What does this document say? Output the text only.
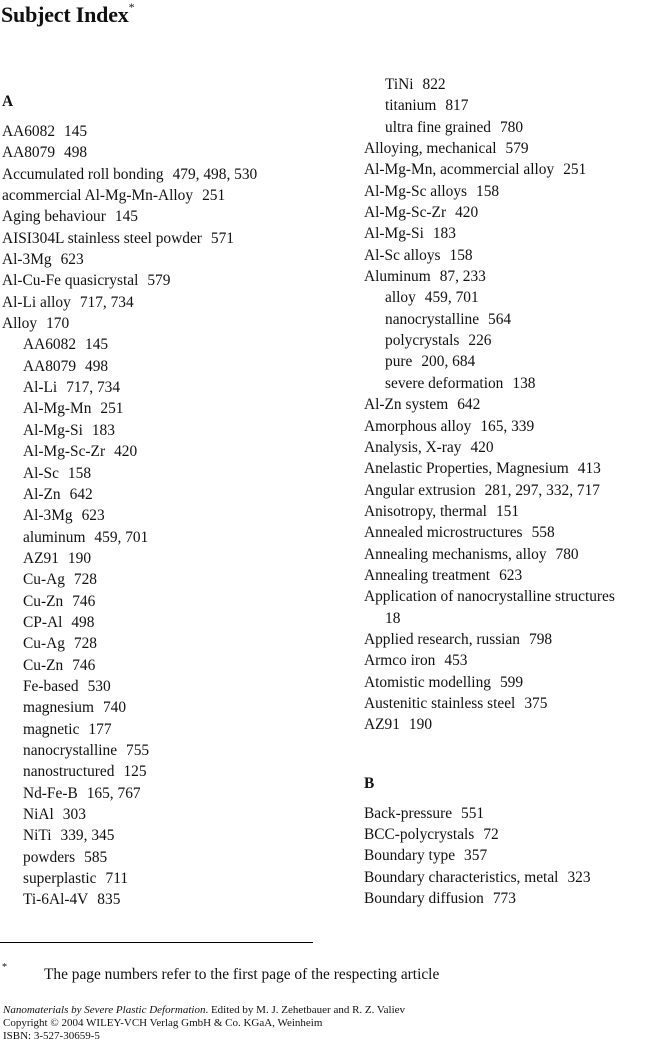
Subject Index*
A
AA6082 145
AA8079 498
Accumulated roll bonding 479, 498, 530
acommercial Al-Mg-Mn-Alloy 251
Aging behaviour 145
AISI304L stainless steel powder 571
Al-3Mg 623
Al-Cu-Fe quasicrystal 579
Al-Li alloy 717, 734
Alloy 170
AA6082 145
AA8079 498
Al-Li 717, 734
Al-Mg-Mn 251
Al-Mg-Si 183
Al-Mg-Sc-Zr 420
Al-Sc 158
Al-Zn 642
Al-3Mg 623
aluminum 459, 701
AZ91 190
Cu-Ag 728
Cu-Zn 746
CP-Al 498
Cu-Ag 728
Cu-Zn 746
Fe-based 530
magnesium 740
magnetic 177
nanocrystalline 755
nanostructured 125
Nd-Fe-B 165, 767
NiAl 303
NiTi 339, 345
powders 585
superplastic 711
Ti-6Al-4V 835
TiNi 822
titanium 817
ultra fine grained 780
Alloying, mechanical 579
Al-Mg-Mn, acommercial alloy 251
Al-Mg-Sc alloys 158
Al-Mg-Sc-Zr 420
Al-Mg-Si 183
Al-Sc alloys 158
Aluminum 87, 233
alloy 459, 701
nanocrystalline 564
polycrystals 226
pure 200, 684
severe deformation 138
Al-Zn system 642
Amorphous alloy 165, 339
Analysis, X-ray 420
Anelastic Properties, Magnesium 413
Angular extrusion 281, 297, 332, 717
Anisotropy, thermal 151
Annealed microstructures 558
Annealing mechanisms, alloy 780
Annealing treatment 623
Application of nanocrystalline structures
18
Applied research, russian 798
Armco iron 453
Atomistic modelling 599
Austenitic stainless steel 375
AZ91 190
B
Back-pressure 551
BCC-polycrystals 72
Boundary type 357
Boundary characteristics, metal 323
Boundary diffusion 773
* The page numbers refer to the first page of the respecting article
Nanomaterials by Severe Plastic Deformation. Edited by M. J. Zehetbauer and R. Z. Valiev
Copyright © 2004 WILEY-VCH Verlag GmbH & Co. KGaA, Weinheim
ISBN: 3-527-30659-5
